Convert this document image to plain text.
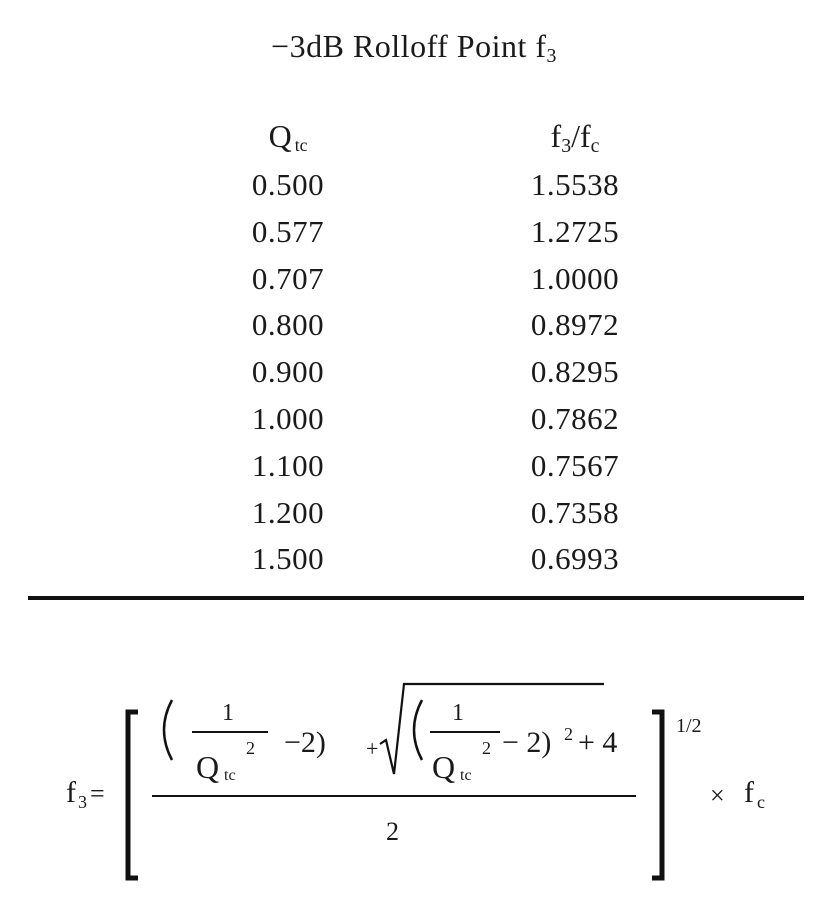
−3dB Rolloff Point $f_3$
Q $_{tc}$	$f_3/f_c$
0.500
0.577
0.707
0.800
0.900
1.000
1.100
1.200
1.500
1.5538
1.2725
1.0000
0.8972
0.8295
0.7862
0.7567
0.7358
0.6993
f 3 =
1
Q tc
2 −2) +
1
Q tc
2 − 2) 2 + 4
2
1/2
× f c
